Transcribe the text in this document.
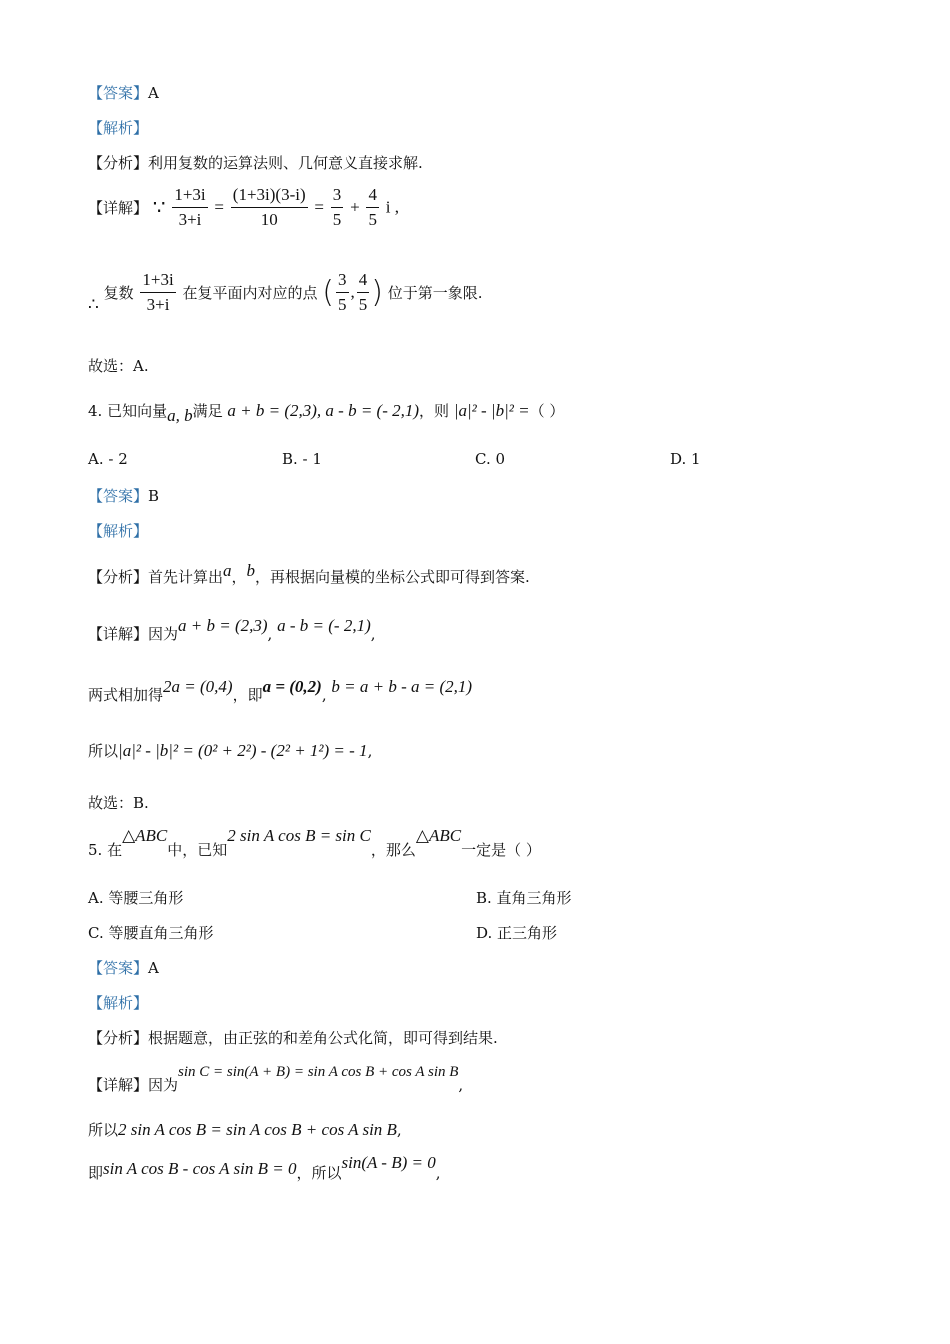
【答案】A
【解析】
【分析】利用复数的运算法则、几何意义直接求解.
【详解】 ∵ $\frac{1+3i}{3+i} = \frac{(1+3i)(3-i)}{10} = \frac{3}{5} + \frac{4}{5}$ i ,
∴ 复数 $\frac{1+3i}{3+i}$ 在复平面内对应的点 ( $\frac{3}{5}$ , $\frac{4}{5}$ ) 位于第一象限.
故选：A.
4. 已知向量a, b满足 a + b = (2,3), a - b = (- 2,1)，则 |a|² - |b|² =（ ）
A. - 2	B. - 1	C. 0	D. 1
【答案】B
【解析】
【分析】首先计算出a，b，再根据向量模的坐标公式即可得到答案.
【详解】因为a + b = (2,3), a - b = (- 2,1),
两式相加得2a = (0,4)，即a = (0,2), b = a + b - a = (2,1)
所以|a|² - |b|² = (0² + 2²) - (2² + 1²) = - 1,
故选：B.
5. 在△ABC中，已知2 sin A cos B = sin C，那么△ABC一定是（ ）
A. 等腰三角形	B. 直角三角形
C. 等腰直角三角形	D. 正三角形
【答案】A
【解析】
【分析】根据题意，由正弦的和差角公式化简，即可得到结果.
【详解】因为sin C = sin(A + B) = sin A cos B + cos A sin B,
所以2 sin A cos B = sin A cos B + cos A sin B,
即sin A cos B - cos A sin B = 0，所以sin(A - B) = 0,
